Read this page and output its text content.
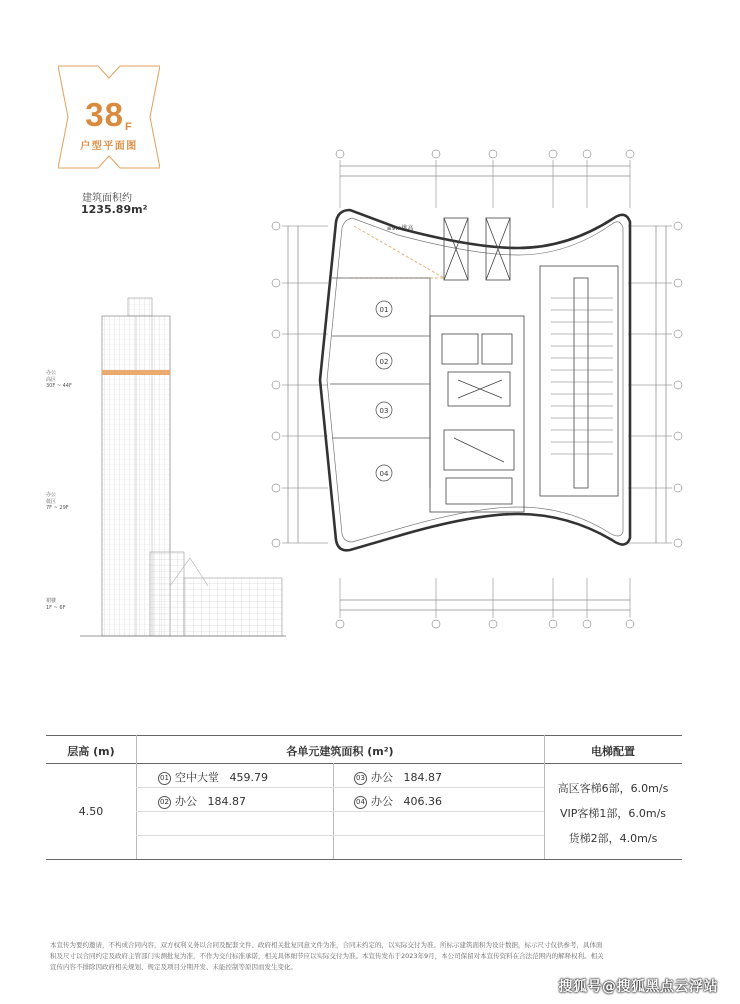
38F
户型平面图
建筑面积约
1235.89m²
办公
高区
30F ~ 44F
办公
低区
7F ~ 29F
裙楼
1F ~ 6F
01
02
03
04
≡9m挑高
层高 (m)	各单元建筑面积 (m²)	电梯配置
4.50
01 空中大堂 459.79	03 办公 184.87
02 办公 184.87	04 办公 406.36
高区客梯6部，6.0m/s
VIP客梯1部，6.0m/s
货梯2部，4.0m/s
本宣传为要约邀请，不构成合同内容，双方权利义务以合同及配套文件、政府相关批复同意文件为准，合同未约定的，以实际交付为准。所标示建筑面积为设计数据，标示尺寸仅供参考，具体面
积及尺寸以合同约定及政府主管部门实测批复为准，不作为交付标准承诺，相关具体细节应以实际交付为准。本宣传发布于2023年9月，本公司保留对本宣传资料在合法范围内的解释权利。相关
宣传内容不排除因政府相关规划、规定及项目分期开发、未能控制等原因而发生变化。
搜狐号@搜狐黑点云浮站
